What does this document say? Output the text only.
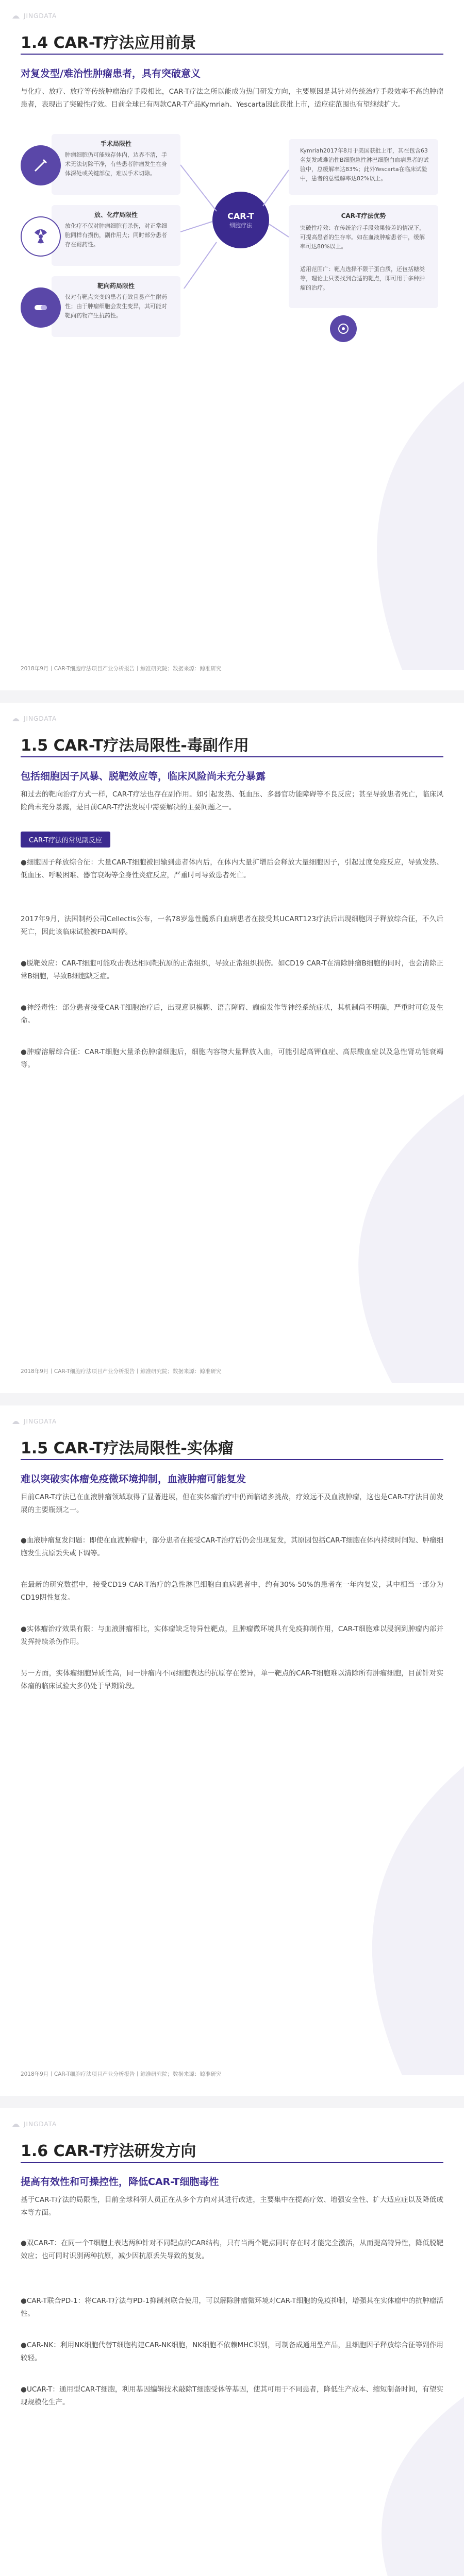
JINGDATA
1.4 CAR-T疗法应用前景
对复发型/难治性肿瘤患者，具有突破意义
与化疗、放疗、放疗等传统肿瘤治疗手段相比，CAR-T疗法之所以能成为热门研发方向，主要原因是其针对传统治疗手段效率不高的肿瘤患者，表现出了突破性疗效。目前全球已有两款CAR-T产品Kymriah、Yescarta因此获批上市，适应症范围也有望继续扩大。
手术局限性
肿瘤细胞仍可能残存体内，边界不清，手术无法切除干净，有些患者肿瘤发生在身体深处或关键部位，难以手术切除。
放、化疗局限性
放化疗不仅对肿瘤细胞有杀伤，对正常细胞同样有损伤，副作用大；同时部分患者存在耐药性。
靶向药局限性
仅对有靶点突变的患者有效且易产生耐药性；由于肿瘤细胞会发生变异，其可能对靶向药物产生抗药性。
Kymriah2017年8月于美国获批上市，其在包含63名复发或难治性B细胞急性淋巴细胞白血病患者的试验中，总缓解率达83%；此外Yescarta在临床试验中，患者的总缓解率达82%以上。
CAR-T
细胞疗法
CAR-T疗法优势
突破性疗效：在传统治疗手段效果较差的情况下，可提高患者的生存率。如在血液肿瘤患者中，缓解率可达80%以上。
适用范围广：靶点选择不限于蛋白质，还包括糖类等，理论上只要找到合适的靶点，即可用于多种肿瘤的治疗。
2018年9月丨CAR-T细胞疗法项目产业分析报告丨鲸准研究院；数据来源：鲸准研究
JINGDATA
1.5 CAR-T疗法局限性-毒副作用
包括细胞因子风暴、脱靶效应等，临床风险尚未充分暴露
和过去的靶向治疗方式一样，CAR-T疗法也存在副作用。如引起发热、低血压、多器官功能障碍等不良反应；甚至导致患者死亡，临床风险尚未充分暴露，是目前CAR-T疗法发展中需要解决的主要问题之一。
CAR-T疗法的常见副反应
●细胞因子释放综合征：大量CAR-T细胞被回输到患者体内后，在体内大量扩增后会释放大量细胞因子，引起过度免疫反应，导致发热、低血压、呼吸困难、器官衰竭等全身性炎症反应，严重时可导致患者死亡。
2017年9月，法国制药公司Cellectis公布，一名78岁急性髓系白血病患者在接受其UCART123疗法后出现细胞因子释放综合征，不久后死亡，因此该临床试验被FDA叫停。
●脱靶效应：CAR-T细胞可能攻击表达相同靶抗原的正常组织，导致正常组织损伤。如CD19 CAR-T在清除肿瘤B细胞的同时，也会清除正常B细胞，导致B细胞缺乏症。
●神经毒性：部分患者接受CAR-T细胞治疗后，出现意识模糊、语言障碍、癫痫发作等神经系统症状，其机制尚不明确，严重时可危及生命。
●肿瘤溶解综合征：CAR-T细胞大量杀伤肿瘤细胞后，细胞内容物大量释放入血，可能引起高钾血症、高尿酸血症以及急性肾功能衰竭等。
2018年9月丨CAR-T细胞疗法项目产业分析报告丨鲸准研究院；数据来源：鲸准研究
JINGDATA
1.5 CAR-T疗法局限性-实体瘤
难以突破实体瘤免疫微环境抑制，血液肿瘤可能复发
目前CAR-T疗法已在血液肿瘤领域取得了显著进展，但在实体瘤治疗中仍面临诸多挑战，疗效远不及血液肿瘤，这也是CAR-T疗法目前发展的主要瓶颈之一。
●血液肿瘤复发问题：即使在血液肿瘤中，部分患者在接受CAR-T治疗后仍会出现复发，其原因包括CAR-T细胞在体内持续时间短、肿瘤细胞发生抗原丢失或下调等。
在最新的研究数据中，接受CD19 CAR-T治疗的急性淋巴细胞白血病患者中，约有30%-50%的患者在一年内复发，其中相当一部分为CD19阴性复发。
●实体瘤治疗效果有限：与血液肿瘤相比，实体瘤缺乏特异性靶点，且肿瘤微环境具有免疫抑制作用，CAR-T细胞难以浸润到肿瘤内部并发挥持续杀伤作用。
另一方面，实体瘤细胞异质性高，同一肿瘤内不同细胞表达的抗原存在差异，单一靶点的CAR-T细胞难以清除所有肿瘤细胞，目前针对实体瘤的临床试验大多仍处于早期阶段。
2018年9月丨CAR-T细胞疗法项目产业分析报告丨鲸准研究院；数据来源：鲸准研究
JINGDATA
1.6 CAR-T疗法研发方向
提高有效性和可操控性，降低CAR-T细胞毒性
基于CAR-T疗法的局限性，目前全球科研人员正在从多个方向对其进行改进，主要集中在提高疗效、增强安全性、扩大适应症以及降低成本等方面。
●双CAR-T：在同一个T细胞上表达两种针对不同靶点的CAR结构，只有当两个靶点同时存在时才能完全激活，从而提高特异性，降低脱靶效应；也可同时识别两种抗原，减少因抗原丢失导致的复发。
●CAR-T联合PD-1：将CAR-T疗法与PD-1抑制剂联合使用，可以解除肿瘤微环境对CAR-T细胞的免疫抑制，增强其在实体瘤中的抗肿瘤活性。
●CAR-NK：利用NK细胞代替T细胞构建CAR-NK细胞，NK细胞不依赖MHC识别，可制备成通用型产品，且细胞因子释放综合征等副作用较轻。
●UCAR-T：通用型CAR-T细胞，利用基因编辑技术敲除T细胞受体等基因，使其可用于不同患者，降低生产成本、缩短制备时间，有望实现规模化生产。
